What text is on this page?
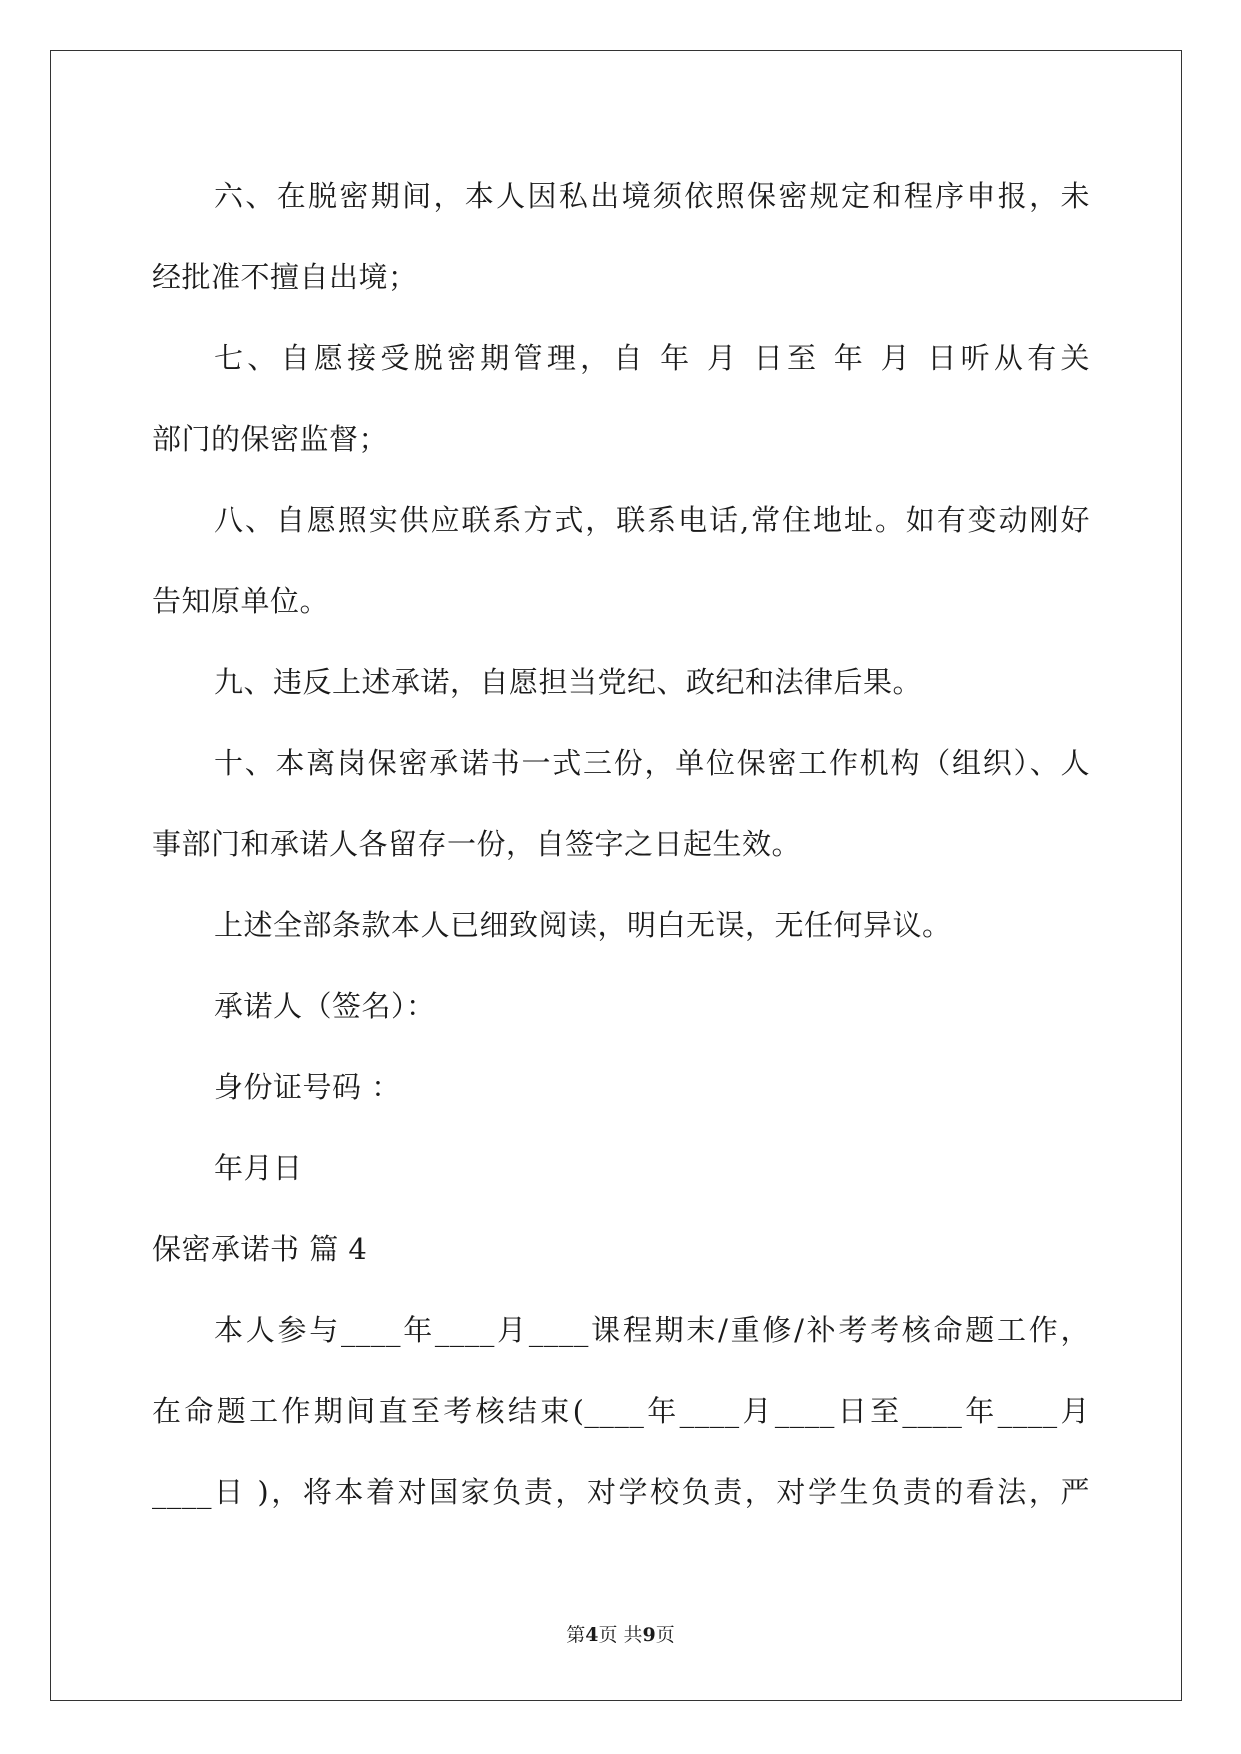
六、在脱密期间，本人因私出境须依照保密规定和程序申报，未
经批准不擅自出境；
七、自愿接受脱密期管理，自 年 月 日至 年 月 日听从有关
部门的保密监督；
八、自愿照实供应联系方式，联系电话,常住地址。如有变动刚好
告知原单位。
九、违反上述承诺，自愿担当党纪、政纪和法律后果。
十、本离岗保密承诺书一式三份，单位保密工作机构（组织）、人
事部门和承诺人各留存一份，自签字之日起生效。
上述全部条款本人已细致阅读，明白无误，无任何异议。
承诺人（签名）：
身份证号码 ：
年月日
保密承诺书 篇 4
本人参与____年____月____课程期末/重修/补考考核命题工作，
在命题工作期间直至考核结束(____年____月____日至____年____月
____日 )，将本着对国家负责，对学校负责，对学生负责的看法，严
第4页 共9页
